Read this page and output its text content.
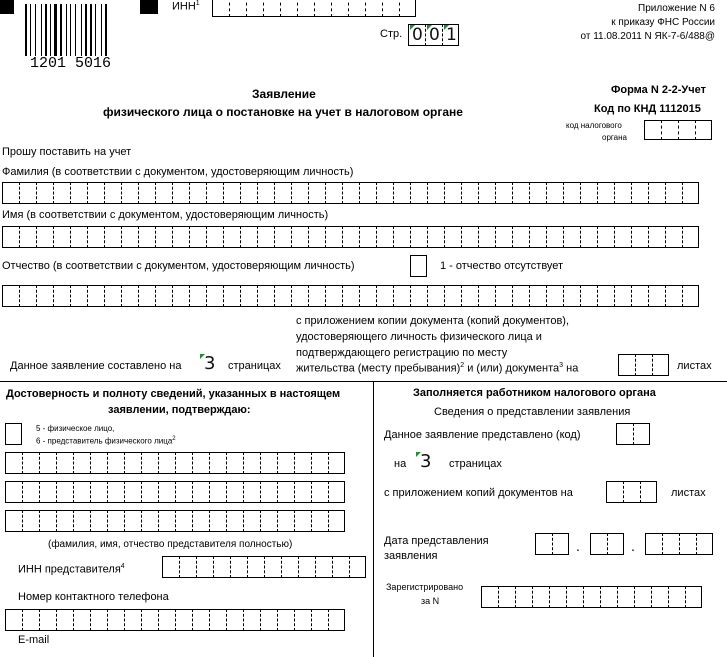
1201 5016
ИНН$^1$
Стр. 0 0 1
Приложение N 6
к приказу ФНС России
от 11.08.2011 N ЯК-7-6/488@
Заявление
физического лица о постановке на учет в налоговом органе
Форма N 2-2-Учет
Код по КНД 1112015
код налогового
органа
Прошу поставить на учет
Фамилия (в соответствии с документом, удостоверяющим личность)
Имя (в соответствии с документом, удостоверяющим личность)
Отчество (в соответствии с документом, удостоверяющим личность)	1 - отчество отсутствует
с приложением копии документа (копий документов),
удостоверяющего личность физического лица и
подтверждающего регистрацию по месту
жительства (месту пребывания)$^2$ и (или) документа$^3$ на
Данное заявление составлено на 3 страницах	листах
Достоверность и полноту сведений, указанных в настоящем
заявлении, подтверждаю:
5 - физическое лицо,
6 - представитель физического лица$^2$
(фамилия, имя, отчество представителя полностью)
ИНН представителя$^4$
Номер контактного телефона
E-mail
Заполняется работником налогового органа
Сведения о представлении заявления
Данное заявление представлено (код)
на 3 страницах
с приложением копий документов на	листах
Дата представления
заявления
.	.
Зарегистрировано
за N
